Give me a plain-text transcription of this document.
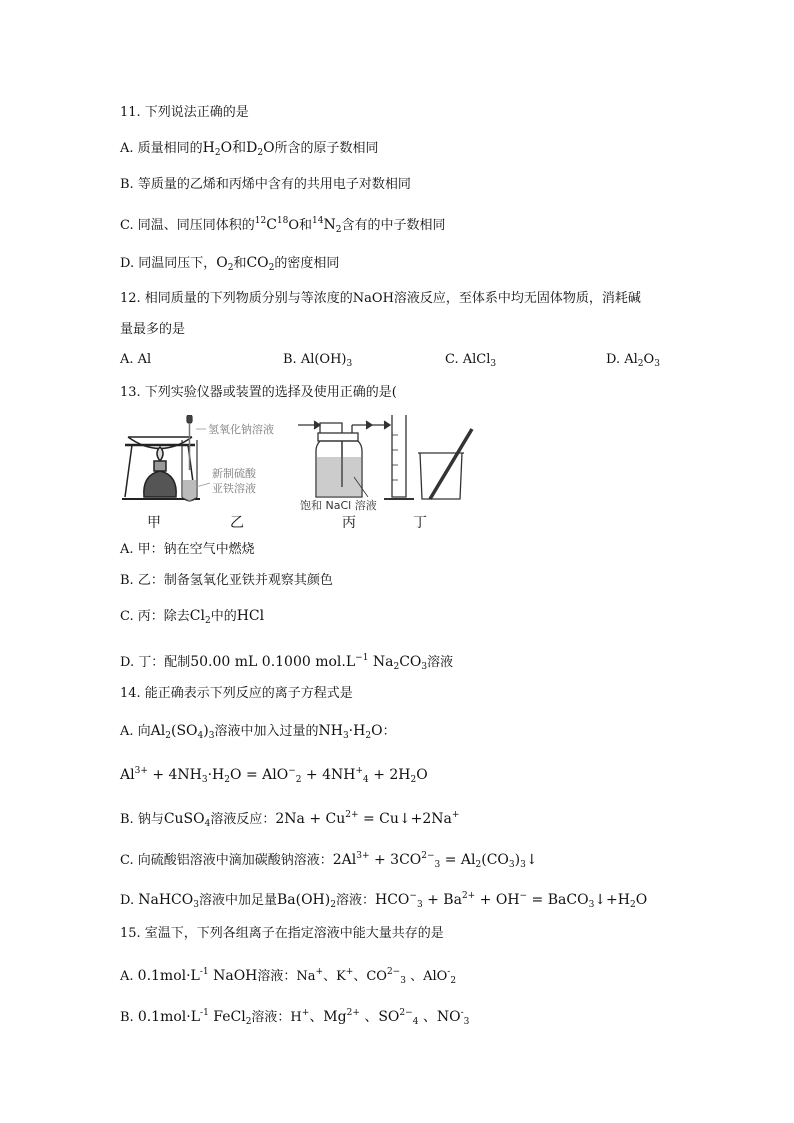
11. 下列说法正确的是
A. 质量相同的$H_2O$和$D_2O$所含的原子数相同
B. 等质量的乙烯和丙烯中含有的共用电子对数相同
C. 同温、同压同体积的$^{12}C^{18}O$和$^{14}N_2$含有的中子数相同
D. 同温同压下，$O_2$和$CO_2$的密度相同
12. 相同质量的下列物质分别与等浓度的NaOH溶液反应，至体系中均无固体物质，消耗碱
量最多的是
A. Al	B. $Al(OH)_3$	C. AlCl$_3$	D. $Al_2O_3$
13. 下列实验仪器或装置的选择及使用正确的是(
氢氧化钠溶液
新制硫酸
亚铁溶液
饱和 NaCl 溶液
甲	乙	丙	丁
A. 甲：钠在空气中燃烧
B. 乙：制备氢氧化亚铁并观察其颜色
C. 丙：除去$Cl_2$中的HCl
D. 丁：配制50.00 mL 0.1000 $mol.L^{-1}$ $Na_2CO_3$溶液
14. 能正确表示下列反应的离子方程式是
A. 向$Al_2(SO_4)_3$溶液中加入过量的$NH_3\cdot H_2O$：
$Al^{3+} + 4NH_3\cdot H_2O = AlO^-_2 + 4NH^+_4 + 2H_2O$
B. 钠与CuSO$_4$溶液反应：$2Na + Cu^{2+}$ = Cu↓+2Na+
C. 向硫酸铝溶液中滴加碳酸钠溶液：$2Al^{3+} + 3CO^{2-}_3$ = $Al_2(CO_3)_3↓$
D. NaHCO$_3$溶液中加足量$Ba(OH)_2$溶液：$HCO^-_3 + Ba^{2+} + OH^-$ = $BaCO_3↓+H_2O$
15. 室温下，下列各组离子在指定溶液中能大量共存的是
A. $0.1mol\cdot L^{-1}$ NaOH溶液：Na+、K+、$CO^{2-}_3$ 、AlO-$_2$
B. $0.1mol\cdot L^{-1}$ FeCl$_2$溶液：H+、$Mg^{2+}$ 、$SO^{2-}_4$ 、$NO^-_3$
